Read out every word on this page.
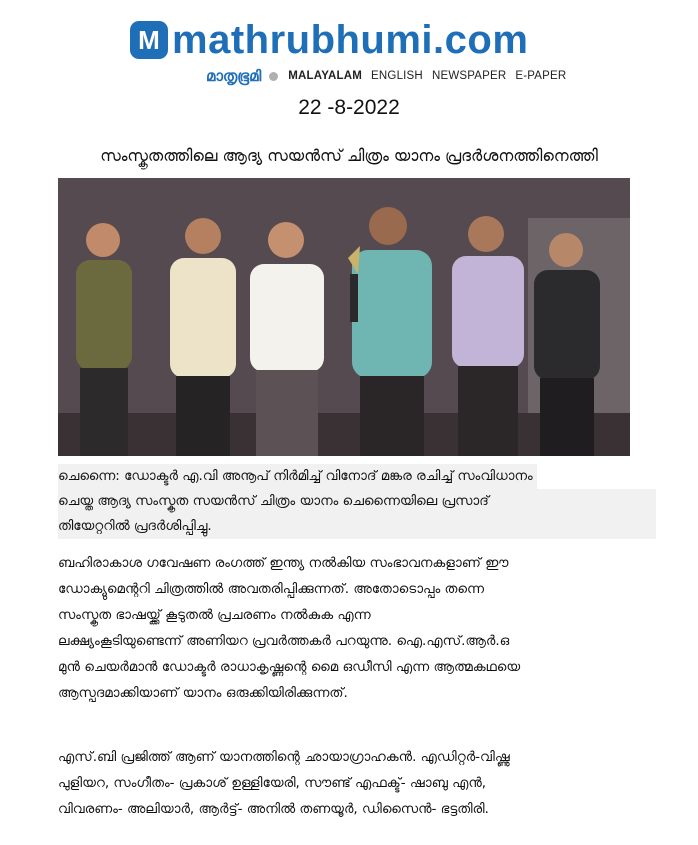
M mathrubhumi.com
മാതൃഭൂമി MALAYALAM ENGLISH NEWSPAPER E-PAPER
22 -8-2022
സംസ്കൃതത്തിലെ ആദ്യ സയൻസ് ചിത്രം യാനം പ്രദർശനത്തിനെത്തി
ചെന്നൈ: ഡോക്ടർ എ.വി അനൂപ് നിർമിച്ച് വിനോദ് മങ്കര രചിച്ച് സംവിധാനം
ചെയ്ത ആദ്യ സംസ്കൃത സയൻസ് ചിത്രം യാനം ചെന്നൈയിലെ പ്രസാദ്
തിയേറ്ററിൽ പ്രദർശിപ്പിച്ചു.
ബഹിരാകാശ ഗവേഷണ രംഗത്ത് ഇന്ത്യ നൽകിയ സംഭാവനകളാണ് ഈ
ഡോക്യുമെന്ററി ചിത്രത്തിൽ അവതരിപ്പിക്കുന്നത്. അതോടൊപ്പം തന്നെ
സംസ്കൃത ഭാഷയ്ക്ക് കൂടുതൽ പ്രചരണം നൽകുക എന്ന
ലക്ഷ്യംകൂടിയുണ്ടെന്ന് അണിയറ പ്രവർത്തകർ പറയുന്നു. ഐ.എസ്.ആർ.ഒ
മുൻ ചെയർമാൻ ഡോക്ടർ രാധാകൃഷ്ണന്റെ മൈ ഒഡീസി എന്ന ആത്മകഥയെ
ആസ്പദമാക്കിയാണ് യാനം ഒരുക്കിയിരിക്കുന്നത്.
എസ്.ബി പ്രജിത്ത് ആണ് യാനത്തിന്റെ ഛായാഗ്രാഹകൻ. എഡിറ്റർ-വിഷ്ണു
പുളിയറ, സംഗീതം- പ്രകാശ് ഉള്ളിയേരി, സൗണ്ട് എഫക്ട്- ഷാബു എൻ,
വിവരണം- അലിയാർ, ആർട്ട്- അനിൽ തണയൂർ, ഡിസൈൻ- ഭട്ടതിരി.
